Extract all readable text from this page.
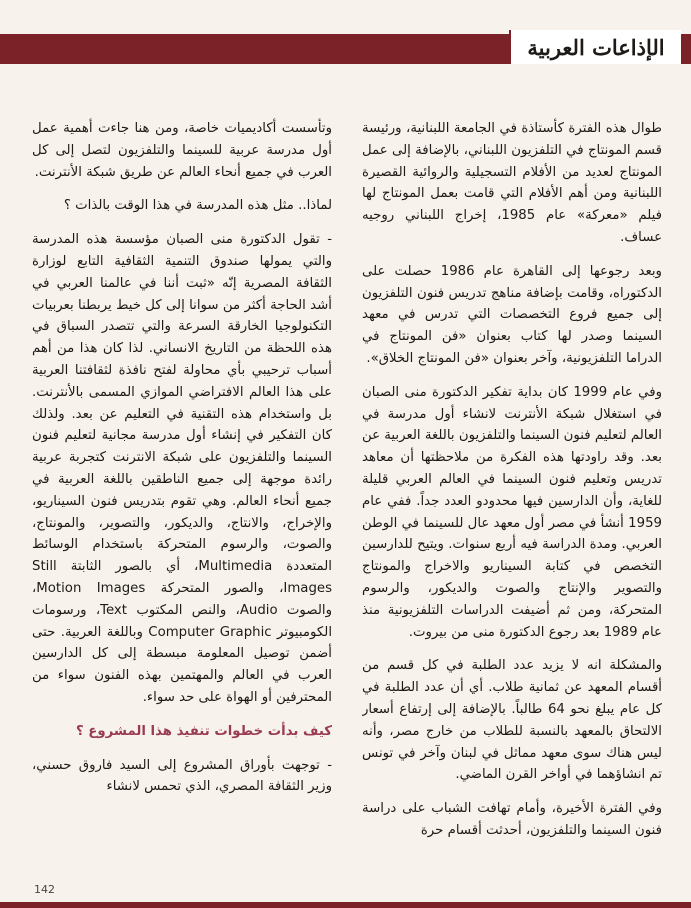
الإذاعات العربية

طوال هذه الفترة كأستاذة في الجامعة اللبنانية، ورئيسة قسم المونتاج في التلفزيون اللبناني، بالإضافة إلى عمل المونتاج لعديد من الأفلام التسجيلية والروائية القصيرة اللبنانية ومن أهم الأفلام التي قامت بعمل المونتاج لها فيلم «معركة» عام 1985، إخراج اللبناني روجيه عساف.

وبعد رجوعها إلى القاهرة عام 1986 حصلت على الدكتوراه، وقامت بإضافة مناهج تدريس فنون التلفزيون إلى جميع فروع التخصصات التي تدرس في معهد السينما وصدر لها كتاب بعنوان «فن المونتاج في الدراما التلفزيونية، وآخر بعنوان «فن المونتاج الخلاق».

وفي عام 1999 كان بداية تفكير الدكتورة منى الصبان في استغلال شبكة الأنترنت لانشاء أول مدرسة في العالم لتعليم فنون السينما والتلفزيون باللغة العربية عن بعد. وقد راودتها هذه الفكرة من ملاحظتها أن معاهد تدريس وتعليم فنون السينما في العالم العربي قليلة للغاية، وأن الدارسين فيها محدودو العدد جداً. ففي عام 1959 أنشأ في مصر أول معهد عال للسينما في الوطن العربي. ومدة الدراسة فيه أربع سنوات. ويتيح للدارسين التخصص في كتابة السيناريو والاخراج والمونتاج والتصوير والإنتاج والصوت والديكور، والرسوم المتحركة، ومن ثم أضيفت الدراسات التلفزيونية منذ عام 1989 بعد رجوع الدكتورة منى من بيروت.

والمشكلة انه لا يزيد عدد الطلبة في كل قسم من أقسام المعهد عن ثمانية طلاب. أي أن عدد الطلبة في كل عام يبلغ نحو 64 طالباً. بالإضافة إلى إرتفاع أسعار الالتحاق بالمعهد بالنسبة للطلاب من خارج مصر، وأنه ليس هناك سوى معهد مماثل في لبنان وآخر في تونس تم انشاؤهما في أواخر القرن الماضي.

وفي الفترة الأخيرة، وأمام تهافت الشباب على دراسة فنون السينما والتلفزيون، أحدثت أقسام حرة

وتأسست أكاديميات خاصة، ومن هنا جاءت أهمية عمل أول مدرسة عربية للسينما والتلفزيون لتصل إلى كل العرب في جميع أنحاء العالم عن طريق شبكة الأنترنت.

لماذا.. مثل هذه المدرسة في هذا الوقت بالذات ؟

- تقول الدكتورة منى الصبان مؤسسة هذه المدرسة والتي يمولها صندوق التنمية الثقافية التابع لوزارة الثقافة المصرية إنّه «ثبت أننا في عالمنا العربي في أشد الحاجة أكثر من سوانا إلى كل خيط يربطنا بعربيات التكنولوجيا الخارقة السرعة والتي تتصدر السباق في هذه اللحظة من التاريخ الانساني. لذا كان هذا من أهم أسباب ترحيبي بأي محاولة لفتح نافذة لثقافتنا العربية على هذا العالم الافتراضي الموازي المسمى بالأنترنت. بل واستخدام هذه التقنية في التعليم عن بعد. ولذلك كان التفكير في إنشاء أول مدرسة مجانية لتعليم فنون السينما والتلفزيون على شبكة الانترنت كتجربة عربية رائدة موجهة إلى جميع الناطقين باللغة العربية في جميع أنحاء العالم. وهي تقوم بتدريس فنون السيناريو، والإخراج، والانتاج، والديكور، والتصوير، والمونتاج، والصوت، والرسوم المتحركة باستخدام الوسائط المتعددة Multimedia، أي بالصور الثابتة Still Images، والصور المتحركة Motion Images، والصوت Audio، والنص المكتوب Text، ورسومات الكومبيوتر Computer Graphic وباللغة العربية. حتى أضمن توصيل المعلومة مبسطة إلى كل الدارسين العرب في العالم والمهتمين بهذه الفنون سواء من المحترفين أو الهواة على حد سواء.

كيف بدأت خطوات تنفيذ هذا المشروع ؟

- توجهت بأوراق المشروع إلى السيد فاروق حسني، وزير الثقافة المصري، الذي تحمس لانشاء

142
